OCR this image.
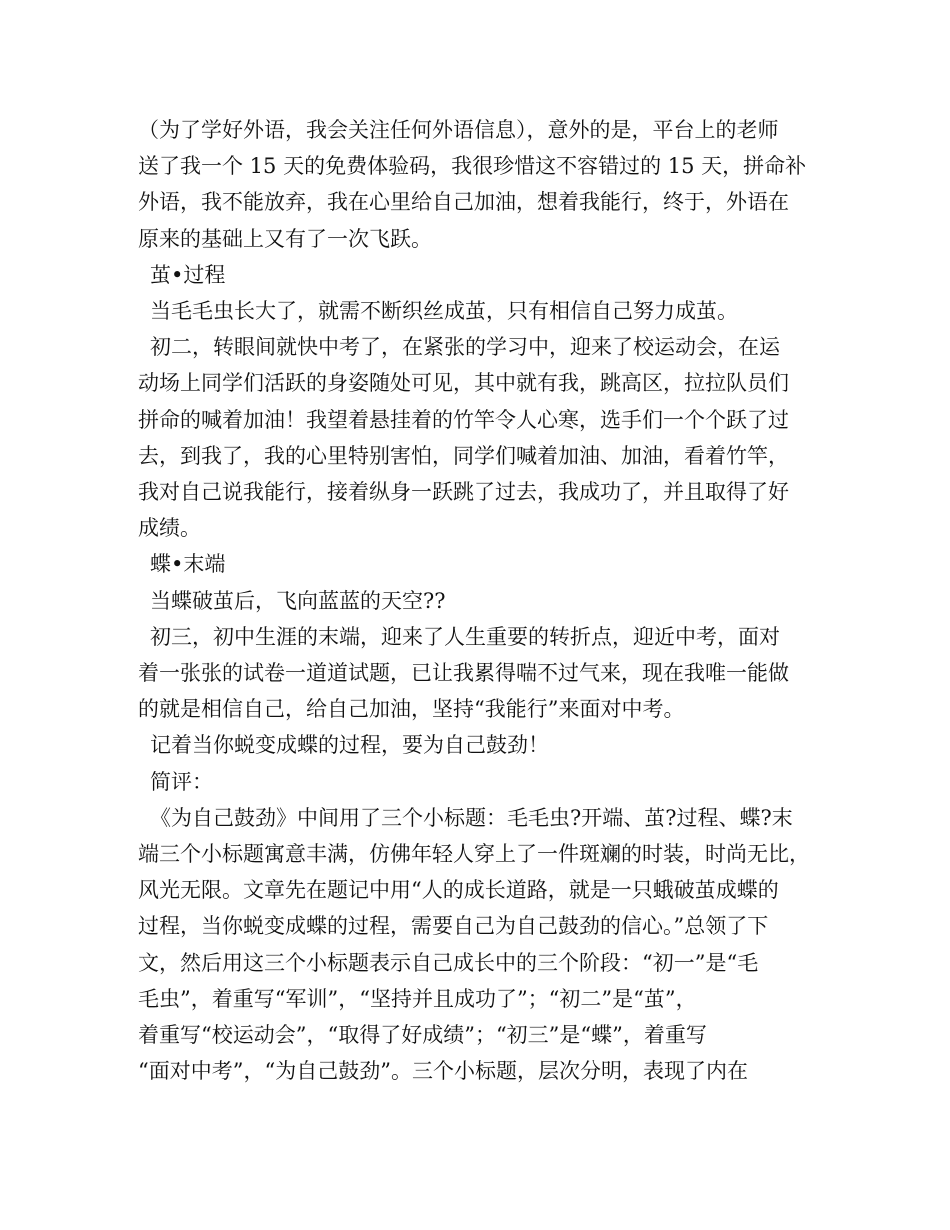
（为了学好外语，我会关注任何外语信息），意外的是，平台上的老师
送了我一个 15 天的免费体验码，我很珍惜这不容错过的 15 天，拼命补
外语，我不能放弃，我在心里给自己加油，想着我能行，终于，外语在
原来的基础上又有了一次飞跃。

茧•过程

当毛毛虫长大了，就需不断织丝成茧，只有相信自己努力成茧。

初二，转眼间就快中考了，在紧张的学习中，迎来了校运动会，在运
动场上同学们活跃的身姿随处可见，其中就有我，跳高区，拉拉队员们
拼命的喊着加油！我望着悬挂着的竹竿令人心寒，选手们一个个跃了过
去，到我了，我的心里特别害怕，同学们喊着加油、加油，看着竹竿，
我对自己说我能行，接着纵身一跃跳了过去，我成功了，并且取得了好
成绩。

蝶•末端

当蝶破茧后，飞向蓝蓝的天空??

初三，初中生涯的末端，迎来了人生重要的转折点，迎近中考，面对
着一张张的试卷一道道试题，已让我累得喘不过气来，现在我唯一能做
的就是相信自己，给自己加油，坚持“我能行”来面对中考。

记着当你蜕变成蝶的过程，要为自己鼓劲！

简评：

《为自己鼓劲》中间用了三个小标题：毛毛虫?开端、茧?过程、蝶?末
端三个小标题寓意丰满，仿佛年轻人穿上了一件斑斓的时装，时尚无比，
风光无限。文章先在题记中用“人的成长道路，就是一只蛾破茧成蝶的
过程，当你蜕变成蝶的过程，需要自己为自己鼓劲的信心。”总领了下
文，然后用这三个小标题表示自己成长中的三个阶段：“初一”是“毛
毛虫”，着重写“军训”，“坚持并且成功了”；“初二”是“茧”，
着重写“校运动会”，“取得了好成绩”；“初三”是“蝶”，着重写
“面对中考”，“为自己鼓劲”。三个小标题，层次分明，表现了内在
